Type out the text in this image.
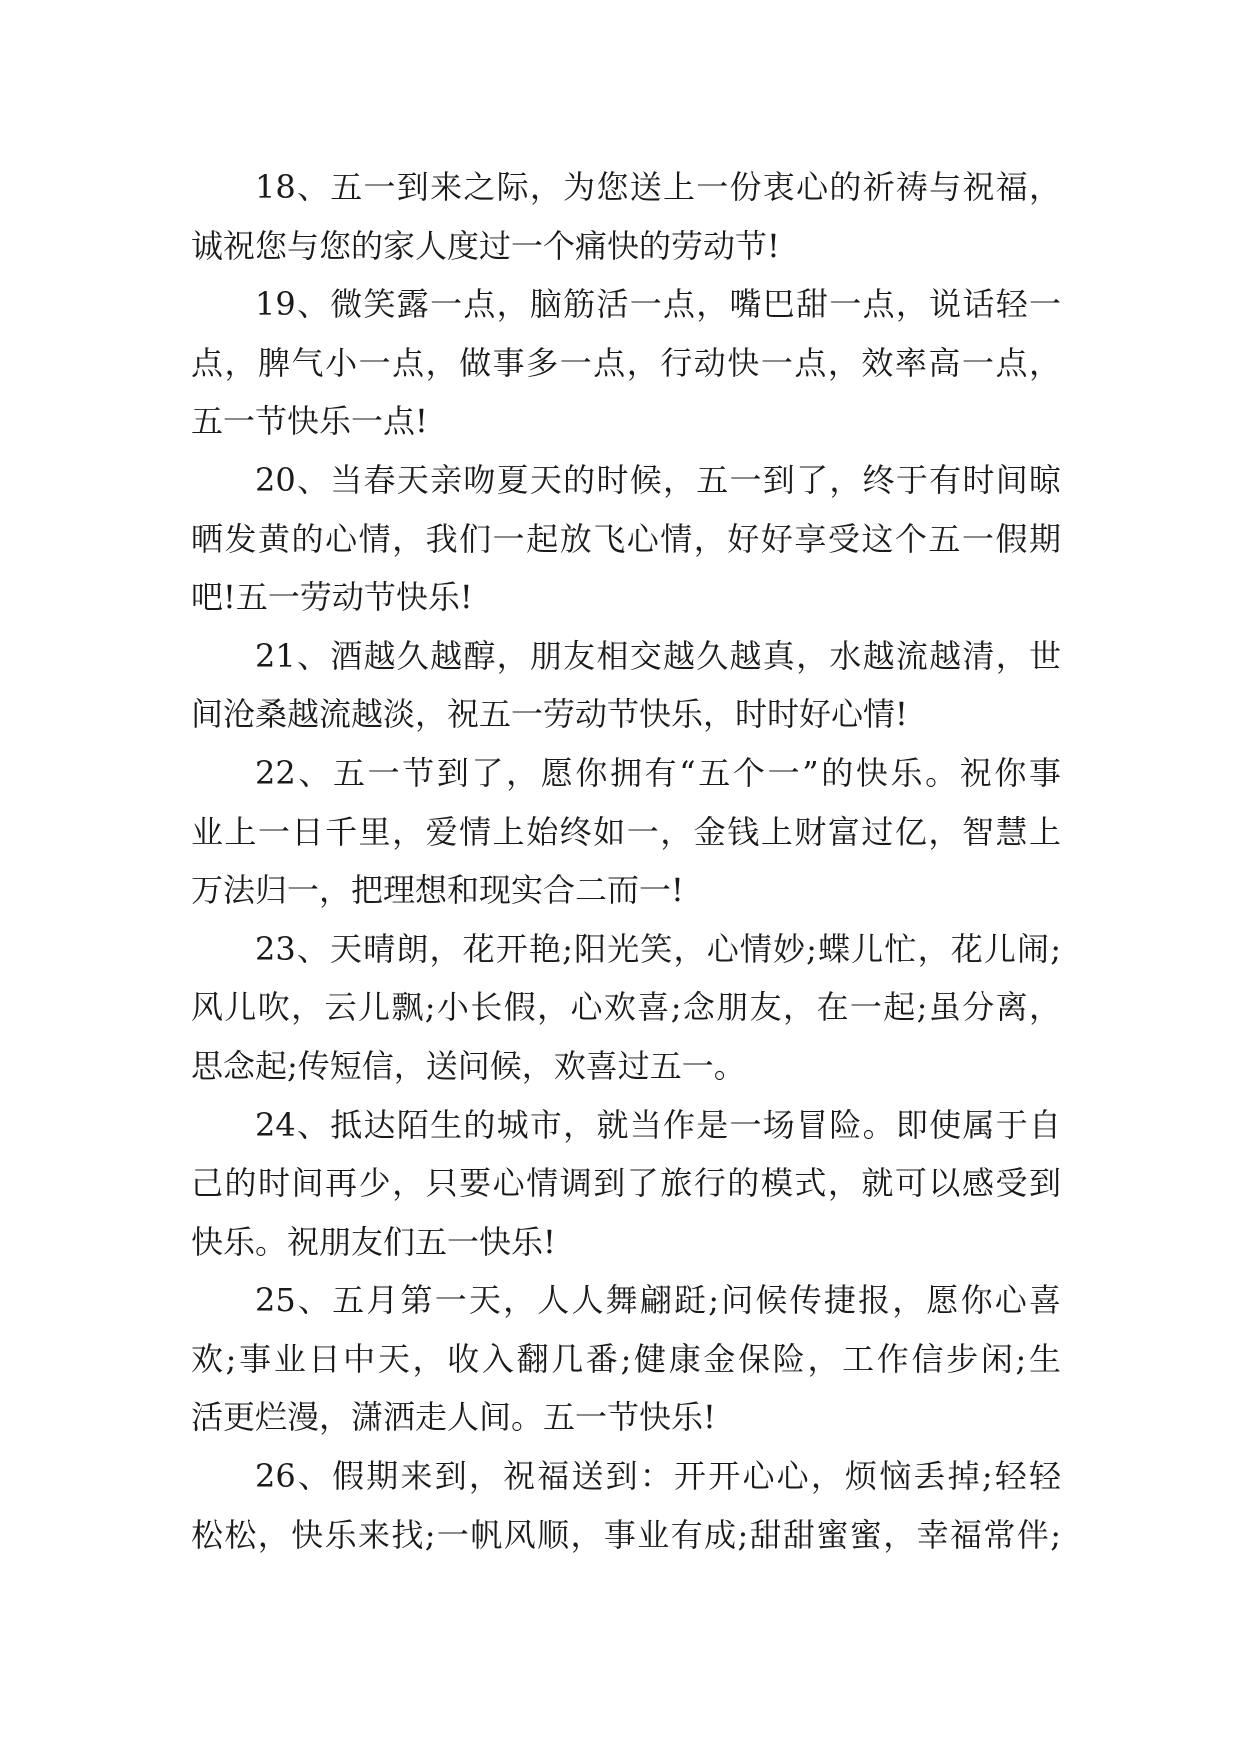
18、五一到来之际，为您送上一份衷心的祈祷与祝福，
诚祝您与您的家人度过一个痛快的劳动节!
19、微笑露一点，脑筋活一点，嘴巴甜一点，说话轻一
点，脾气小一点，做事多一点，行动快一点，效率高一点，
五一节快乐一点!
20、当春天亲吻夏天的时候，五一到了，终于有时间晾
晒发黄的心情，我们一起放飞心情，好好享受这个五一假期
吧!五一劳动节快乐!
21、酒越久越醇，朋友相交越久越真，水越流越清，世
间沧桑越流越淡，祝五一劳动节快乐，时时好心情!
22、五一节到了，愿你拥有“五个一”的快乐。祝你事
业上一日千里，爱情上始终如一，金钱上财富过亿，智慧上
万法归一，把理想和现实合二而一!
23、天晴朗，花开艳;阳光笑，心情妙;蝶儿忙，花儿闹;
风儿吹，云儿飘;小长假，心欢喜;念朋友，在一起;虽分离，
思念起;传短信，送问候，欢喜过五一。
24、抵达陌生的城市，就当作是一场冒险。即使属于自
己的时间再少，只要心情调到了旅行的模式，就可以感受到
快乐。祝朋友们五一快乐!
25、五月第一天，人人舞翩跹;问候传捷报，愿你心喜
欢;事业日中天，收入翻几番;健康金保险，工作信步闲;生
活更烂漫，潇洒走人间。五一节快乐!
26、假期来到，祝福送到：开开心心，烦恼丢掉;轻轻
松松，快乐来找;一帆风顺，事业有成;甜甜蜜蜜，幸福常伴;
